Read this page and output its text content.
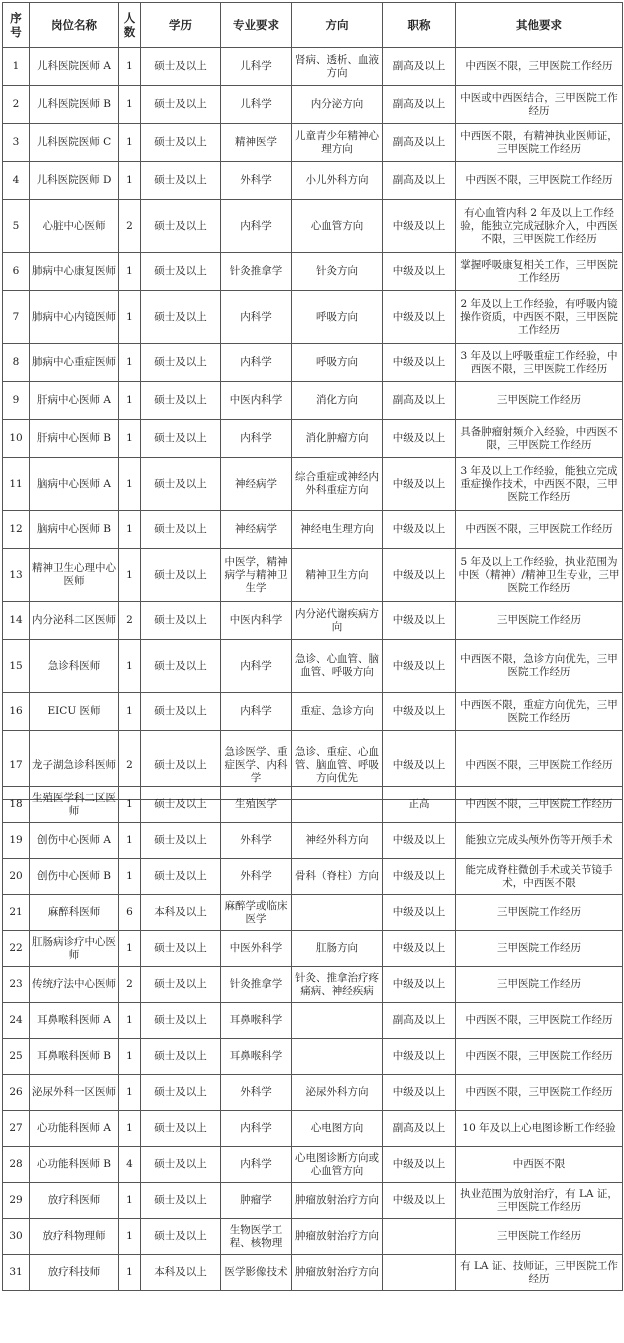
序号	岗位名称	人数	学历	专业要求	方向	职称	其他要求
1	儿科医院医师 A	1	硕士及以上	儿科学	肾病、透析、血液方向	副高及以上	中西医不限，三甲医院工作经历
2	儿科医院医师 B	1	硕士及以上	儿科学	内分泌方向	副高及以上	中医或中西医结合，三甲医院工作经历
3	儿科医院医师 C	1	硕士及以上	精神医学	儿童青少年精神心理方向	副高及以上	中西医不限，有精神执业医师证，三甲医院工作经历
4	儿科医院医师 D	1	硕士及以上	外科学	小儿外科方向	副高及以上	中西医不限，三甲医院工作经历
5	心脏中心医师	2	硕士及以上	内科学	心血管方向	中级及以上	有心血管内科 2 年及以上工作经验，能独立完成冠脉介入，中西医不限，三甲医院工作经历
6	肺病中心康复医师	1	硕士及以上	针灸推拿学	针灸方向	中级及以上	掌握呼吸康复相关工作，三甲医院工作经历
7	肺病中心内镜医师	1	硕士及以上	内科学	呼吸方向	中级及以上	2 年及以上工作经验，有呼吸内镜操作资质，中西医不限，三甲医院工作经历
8	肺病中心重症医师	1	硕士及以上	内科学	呼吸方向	中级及以上	3 年及以上呼吸重症工作经验，中西医不限，三甲医院工作经历
9	肝病中心医师 A	1	硕士及以上	中医内科学	消化方向	副高及以上	三甲医院工作经历
10	肝病中心医师 B	1	硕士及以上	内科学	消化肿瘤方向	中级及以上	具备肿瘤射频介入经验，中西医不限，三甲医院工作经历
11	脑病中心医师 A	1	硕士及以上	神经病学	综合重症或神经内外科重症方向	中级及以上	3 年及以上工作经验，能独立完成重症操作技术，中西医不限，三甲医院工作经历
12	脑病中心医师 B	1	硕士及以上	神经病学	神经电生理方向	中级及以上	中西医不限，三甲医院工作经历
13	精神卫生心理中心医师	1	硕士及以上	中医学，精神病学与精神卫生学	精神卫生方向	中级及以上	5 年及以上工作经验，执业范围为中医（精神）/精神卫生专业，三甲医院工作经历
14	内分泌科二区医师	2	硕士及以上	中医内科学	内分泌代谢疾病方向	中级及以上	三甲医院工作经历
15	急诊科医师	1	硕士及以上	内科学	急诊、心血管、脑血管、呼吸方向	中级及以上	中西医不限，急诊方向优先，三甲医院工作经历
16	EICU 医师	1	硕士及以上	内科学	重症、急诊方向	中级及以上	中西医不限，重症方向优先，三甲医院工作经历
17	龙子湖急诊科医师	2	硕士及以上	急诊医学、重症医学、内科学	急诊、重症、心血管、脑血管、呼吸方向优先	中级及以上	中西医不限，三甲医院工作经历
18	生殖医学科二区医师	1	硕士及以上	生殖医学		正高	中西医不限，三甲医院工作经历
19	创伤中心医师 A	1	硕士及以上	外科学	神经外科方向	中级及以上	能独立完成头颅外伤等开颅手术
20	创伤中心医师 B	1	硕士及以上	外科学	骨科（脊柱）方向	中级及以上	能完成脊柱微创手术或关节镜手术，中西医不限
21	麻醉科医师	6	本科及以上	麻醉学或临床医学		中级及以上	三甲医院工作经历
22	肛肠病诊疗中心医师	1	硕士及以上	中医外科学	肛肠方向	中级及以上	三甲医院工作经历
23	传统疗法中心医师	2	硕士及以上	针灸推拿学	针灸、推拿治疗疼痛病、神经疾病	中级及以上	三甲医院工作经历
24	耳鼻喉科医师 A	1	硕士及以上	耳鼻喉科学		副高及以上	中西医不限，三甲医院工作经历
25	耳鼻喉科医师 B	1	硕士及以上	耳鼻喉科学		中级及以上	中西医不限，三甲医院工作经历
26	泌尿外科一区医师	1	硕士及以上	外科学	泌尿外科方向	中级及以上	中西医不限，三甲医院工作经历
27	心功能科医师 A	1	硕士及以上	内科学	心电图方向	副高及以上	10 年及以上心电图诊断工作经验
28	心功能科医师 B	4	硕士及以上	内科学	心电图诊断方向或心血管方向	中级及以上	中西医不限
29	放疗科医师	1	硕士及以上	肿瘤学	肿瘤放射治疗方向	中级及以上	执业范围为放射治疗，有 LA 证，三甲医院工作经历
30	放疗科物理师	1	硕士及以上	生物医学工程、核物理	肿瘤放射治疗方向		三甲医院工作经历
31	放疗科技师	1	本科及以上	医学影像技术	肿瘤放射治疗方向		有 LA 证、技师证，三甲医院工作经历
